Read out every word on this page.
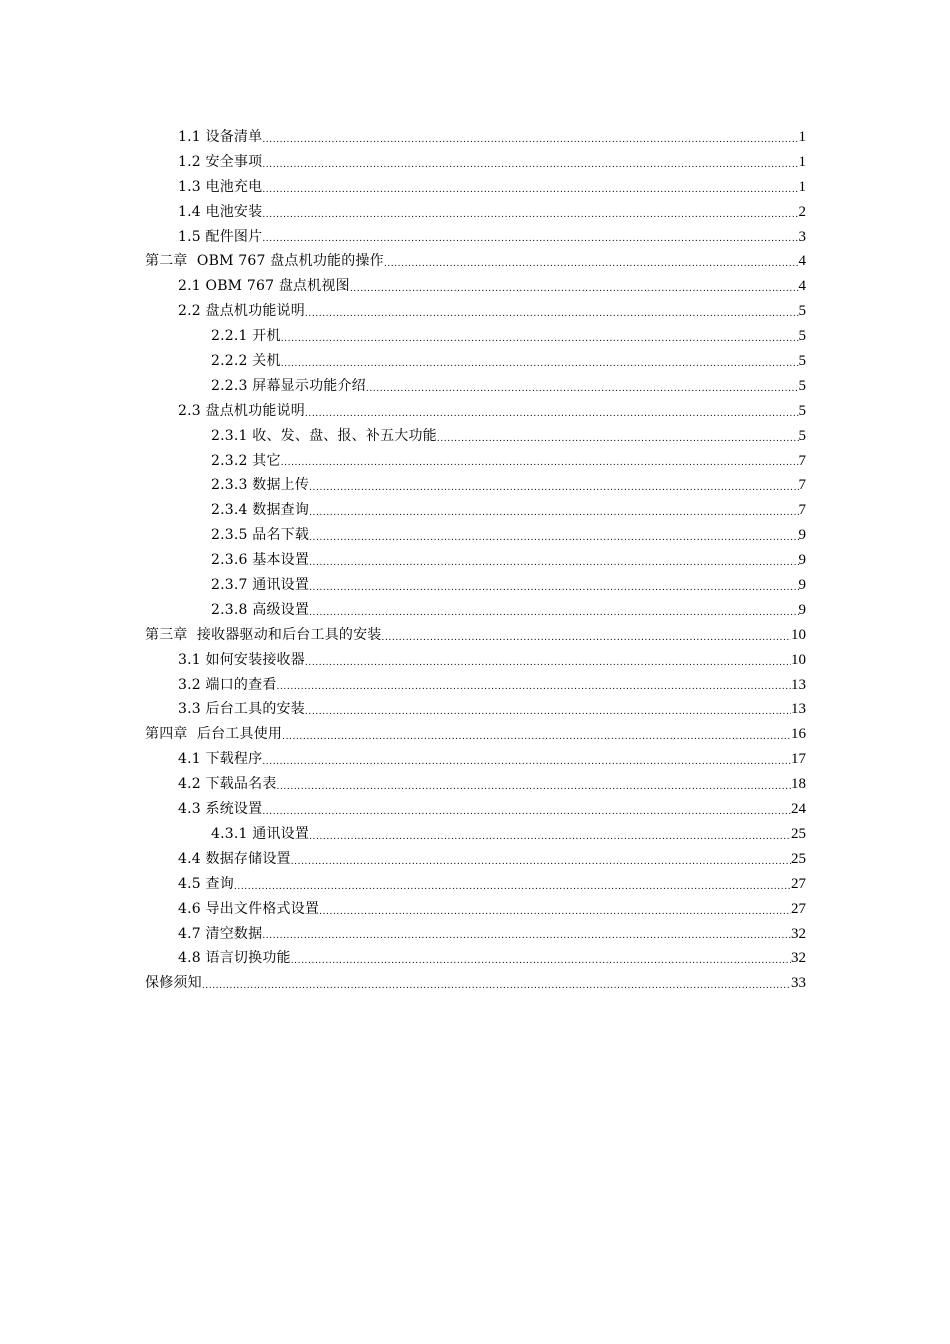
1.1 设备清单 .....	1
1.2 安全事项 .....	1
1.3 电池充电 .....	1
1.4 电池安装 .....	2
1.5 配件图片 .....	3
第二章  OBM 767 盘点机功能的操作 .....	4
2.1 OBM 767 盘点机视图 .....	4
2.2 盘点机功能说明 .....	5
2.2.1 开机 .....	5
2.2.2 关机 .....	5
2.2.3 屏幕显示功能介绍 .....	5
2.3 盘点机功能说明 .....	5
2.3.1 收、发、盘、报、补五大功能 .....	5
2.3.2 其它 .....	7
2.3.3 数据上传 .....	7
2.3.4 数据查询 .....	7
2.3.5 品名下载 .....	9
2.3.6 基本设置 .....	9
2.3.7 通讯设置 .....	9
2.3.8 高级设置 .....	9
第三章  接收器驱动和后台工具的安装 .....	10
3.1 如何安装接收器 .....	10
3.2 端口的查看 .....	13
3.3 后台工具的安装 .....	13
第四章  后台工具使用 .....	16
4.1 下载程序 .....	17
4.2 下载品名表 .....	18
4.3 系统设置 .....	24
4.3.1 通讯设置 .....	25
4.4 数据存储设置 .....	25
4.5 查询 .....	27
4.6 导出文件格式设置 .....	27
4.7 清空数据 .....	32
4.8 语言切换功能 .....	32
保修须知 .....	33
